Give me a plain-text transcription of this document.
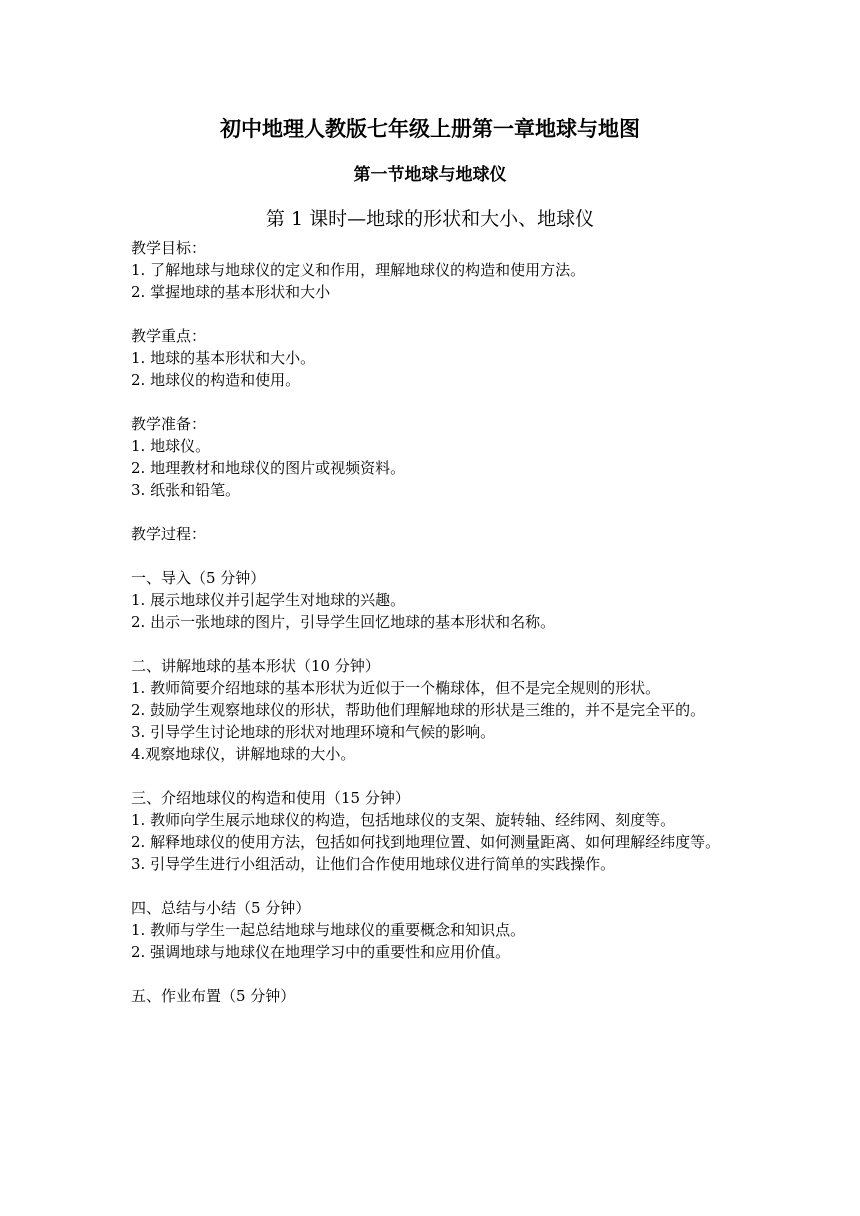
初中地理人教版七年级上册第一章地球与地图
第一节地球与地球仪
第 1 课时—地球的形状和大小、地球仪
教学目标：
1. 了解地球与地球仪的定义和作用，理解地球仪的构造和使用方法。
2. 掌握地球的基本形状和大小
教学重点：
1. 地球的基本形状和大小。
2. 地球仪的构造和使用。
教学准备：
1. 地球仪。
2. 地理教材和地球仪的图片或视频资料。
3. 纸张和铅笔。
教学过程：
一、导入（5 分钟）
1. 展示地球仪并引起学生对地球的兴趣。
2. 出示一张地球的图片，引导学生回忆地球的基本形状和名称。
二、讲解地球的基本形状（10 分钟）
1. 教师简要介绍地球的基本形状为近似于一个椭球体，但不是完全规则的形状。
2. 鼓励学生观察地球仪的形状，帮助他们理解地球的形状是三维的，并不是完全平的。
3. 引导学生讨论地球的形状对地理环境和气候的影响。
4.观察地球仪，讲解地球的大小。
三、介绍地球仪的构造和使用（15 分钟）
1. 教师向学生展示地球仪的构造，包括地球仪的支架、旋转轴、经纬网、刻度等。
2. 解释地球仪的使用方法，包括如何找到地理位置、如何测量距离、如何理解经纬度等。
3. 引导学生进行小组活动，让他们合作使用地球仪进行简单的实践操作。
四、总结与小结（5 分钟）
1. 教师与学生一起总结地球与地球仪的重要概念和知识点。
2. 强调地球与地球仪在地理学习中的重要性和应用价值。
五、作业布置（5 分钟）
